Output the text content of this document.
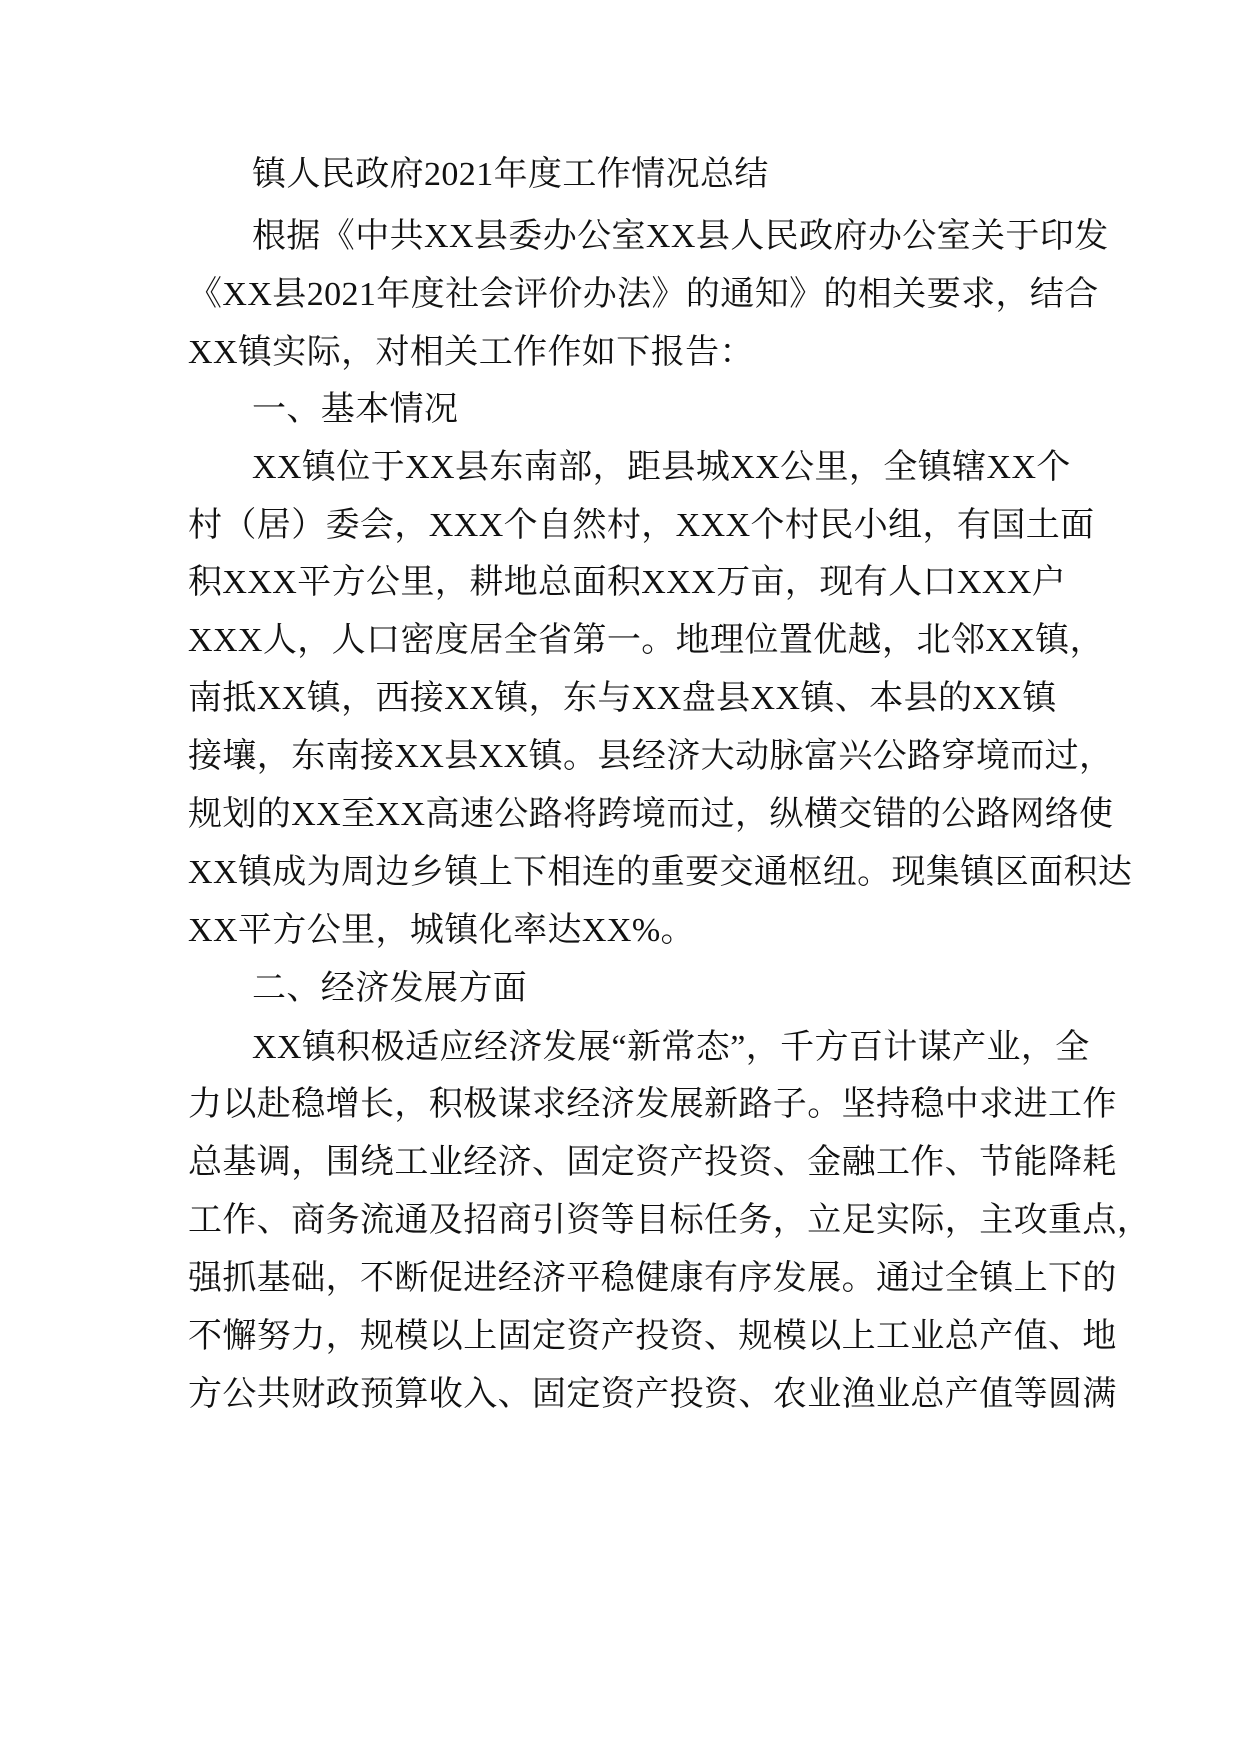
镇人民政府2021年度工作情况总结
根据《中共XX县委办公室XX县人民政府办公室关于印发
《XX县2021年度社会评价办法》的通知》的相关要求，结合
XX镇实际，对相关工作作如下报告：
一、基本情况
XX镇位于XX县东南部，距县城XX公里，全镇辖XX个
村（居）委会，XXX个自然村，XXX个村民小组，有国土面
积XXX平方公里，耕地总面积XXX万亩，现有人口XXX户
XXX人，人口密度居全省第一。地理位置优越，北邻XX镇，
南抵XX镇，西接XX镇，东与XX盘县XX镇、本县的XX镇
接壤，东南接XX县XX镇。县经济大动脉富兴公路穿境而过，
规划的XX至XX高速公路将跨境而过，纵横交错的公路网络使
XX镇成为周边乡镇上下相连的重要交通枢纽。现集镇区面积达
XX平方公里，城镇化率达XX%。
二、经济发展方面
XX镇积极适应经济发展“新常态”，千方百计谋产业，全
力以赴稳增长，积极谋求经济发展新路子。坚持稳中求进工作
总基调，围绕工业经济、固定资产投资、金融工作、节能降耗
工作、商务流通及招商引资等目标任务，立足实际，主攻重点，
强抓基础，不断促进经济平稳健康有序发展。通过全镇上下的
不懈努力，规模以上固定资产投资、规模以上工业总产值、地
方公共财政预算收入、固定资产投资、农业渔业总产值等圆满
